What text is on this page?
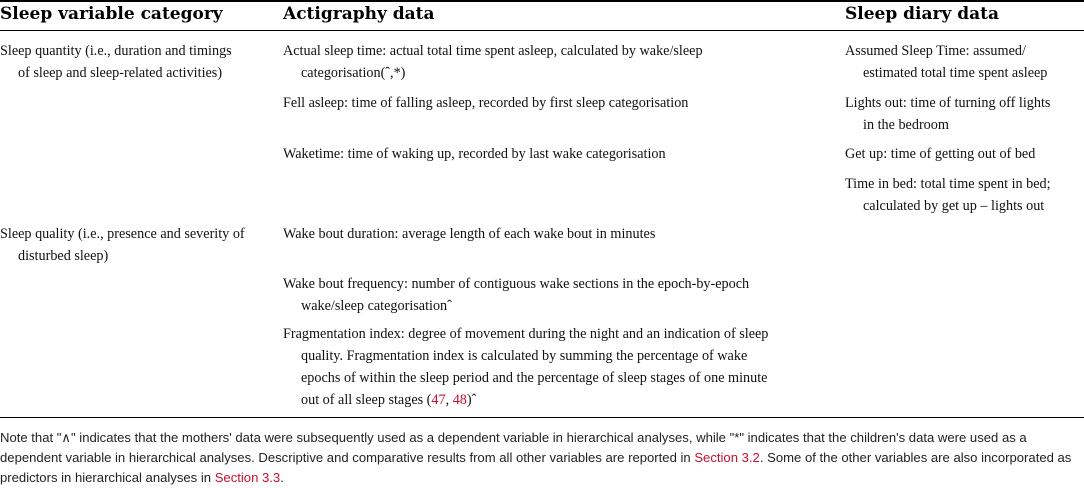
Sleep variable category	Actigraphy data	Sleep diary data
Sleep quantity (i.e., duration and timings
of sleep and sleep-related activities)
Sleep quality (i.e., presence and severity of
disturbed sleep)
Actual sleep time: actual total time spent asleep, calculated by wake/sleep
categorisation(ˆ,*)
Fell asleep: time of falling asleep, recorded by first sleep categorisation
Waketime: time of waking up, recorded by last wake categorisation
Wake bout duration: average length of each wake bout in minutes
Wake bout frequency: number of contiguous wake sections in the epoch-by-epoch
wake/sleep categorisationˆ
Fragmentation index: degree of movement during the night and an indication of sleep
quality. Fragmentation index is calculated by summing the percentage of wake
epochs of within the sleep period and the percentage of sleep stages of one minute
out of all sleep stages (47, 48)ˆ
Assumed Sleep Time: assumed/
estimated total time spent asleep
Lights out: time of turning off lights
in the bedroom
Get up: time of getting out of bed
Time in bed: total time spent in bed;
calculated by get up – lights out
Note that "∧" indicates that the mothers' data were subsequently used as a dependent variable in hierarchical analyses, while "*" indicates that the children's data were used as a dependent variable in hierarchical analyses. Descriptive and comparative results from all other variables are reported in Section 3.2. Some of the other variables are also incorporated as predictors in hierarchical analyses in Section 3.3.
